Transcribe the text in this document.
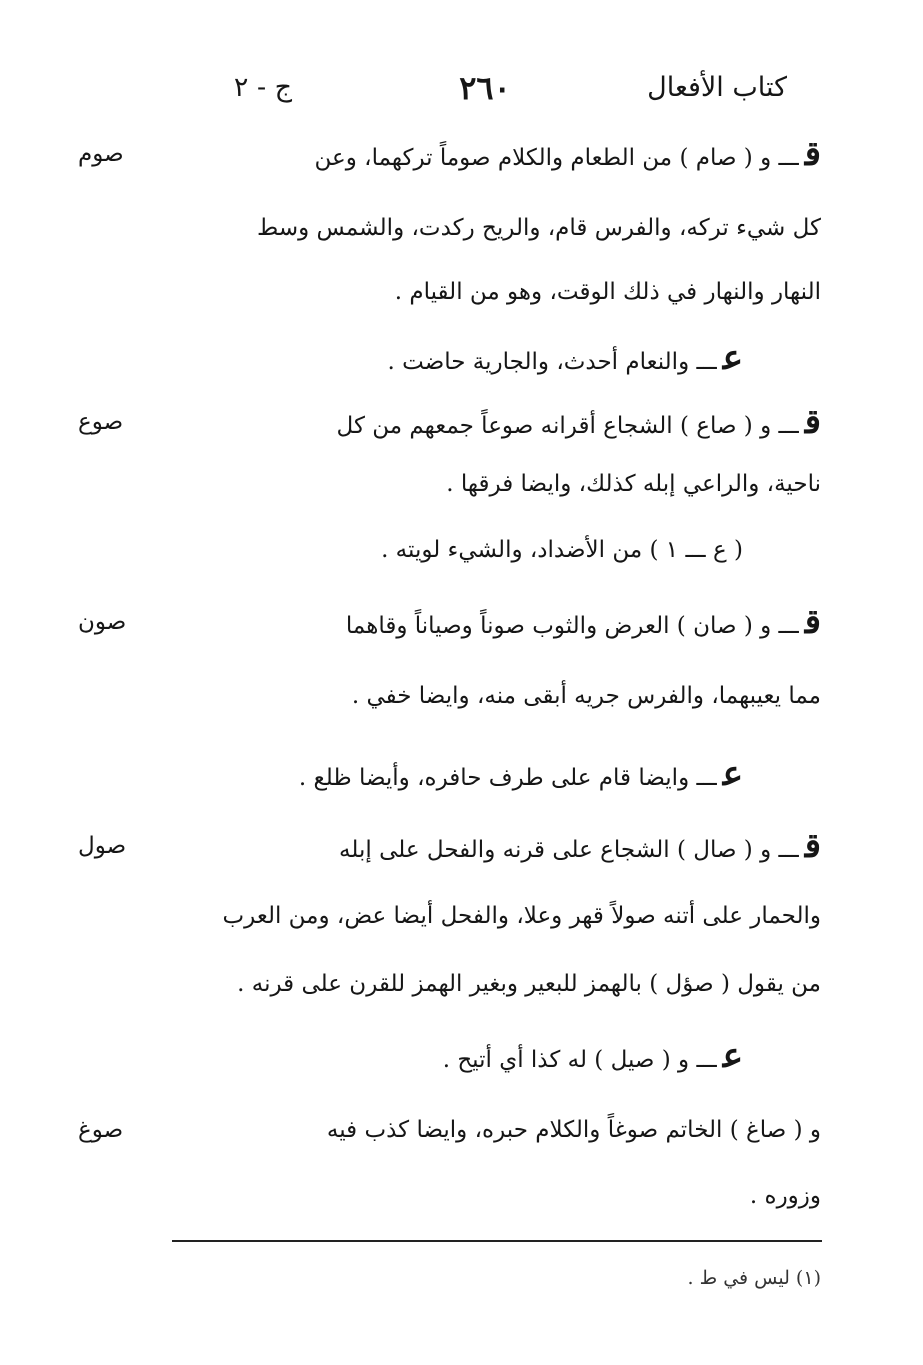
كتاب الأفعال
٢٦٠
ج - ٢
قـــ و ( صام ) من الطعام والكلام صوماً تركهما، وعن
صوم
كل شيء تركه، والفرس قام، والريح ركدت، والشمس وسط
النهار والنهار في ذلك الوقت، وهو من القيام .
عـــ والنعام أحدث، والجارية حاضت .
قـــ و ( صاع ) الشجاع أقرانه صوعاً جمعهم من كل
صوع
ناحية، والراعي إبله كذلك، وايضا فرقها .
( ع ـــ ١ ) من الأضداد، والشيء لويته .
قـــ و ( صان ) العرض والثوب صوناً وصياناً وقاهما
صون
مما يعيبهما، والفرس جريه أبقى منه، وايضا خفي .
عـــ وايضا قام على طرف حافره، وأيضا ظلع .
قـــ و ( صال ) الشجاع على قرنه والفحل على إبله
صول
والحمار على أتنه صولاً قهر وعلا، والفحل أيضا عض، ومن العرب
من يقول ( صؤل ) بالهمز للبعير وبغير الهمز للقرن على قرنه .
عـــ و ( صيل ) له كذا أي أتيح .
و ( صاغ ) الخاتم صوغاً والكلام حبره، وايضا كذب فيه
صوغ
وزوره .
(١) ليس في ط .
